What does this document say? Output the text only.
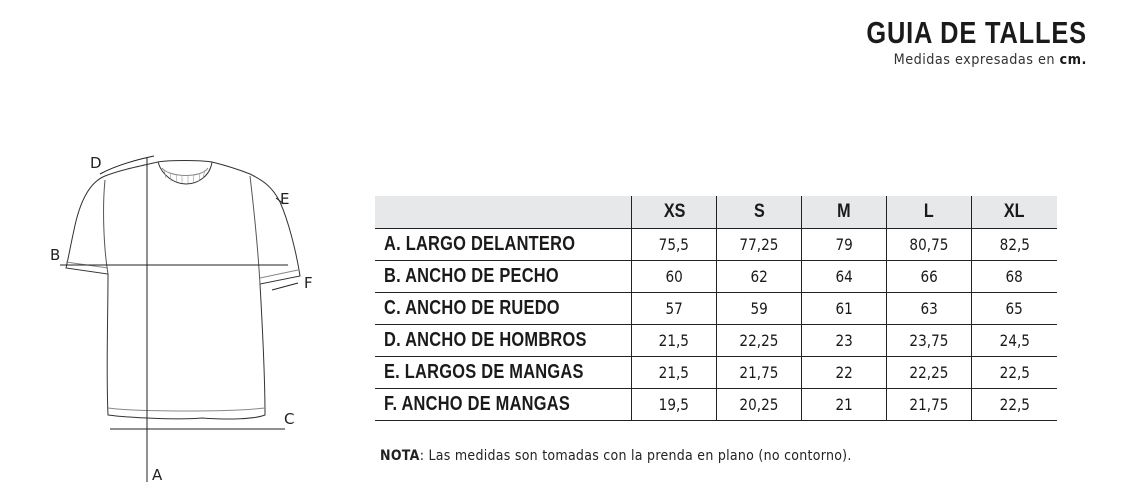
GUIA DE TALLES
Medidas expresadas en cm.
A
B
C
D
E
F
	XS	S	M	L	XL
A. LARGO DELANTERO	75,5	77,25	79	80,75	82,5
B. ANCHO DE PECHO	60	62	64	66	68
C. ANCHO DE RUEDO	57	59	61	63	65
D. ANCHO DE HOMBROS	21,5	22,25	23	23,75	24,5
E. LARGOS DE MANGAS	21,5	21,75	22	22,25	22,5
F. ANCHO DE MANGAS	19,5	20,25	21	21,75	22,5
NOTA: Las medidas son tomadas con la prenda en plano (no contorno).
